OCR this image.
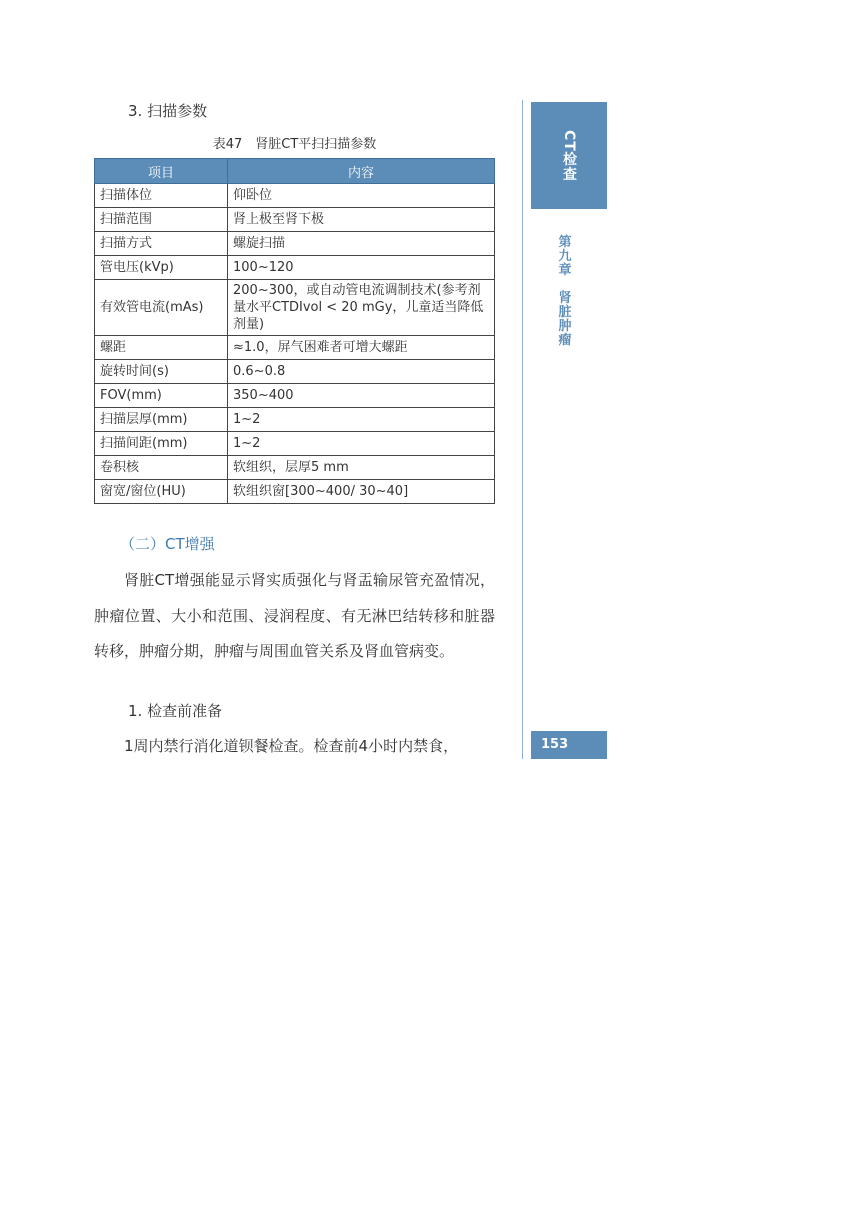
3. 扫描参数
表47　肾脏CT平扫扫描参数
项目	内容
扫描体位	仰卧位
扫描范围	肾上极至肾下极
扫描方式	螺旋扫描
管电压(kVp)	100~120
有效管电流(mAs)	200~300，或自动管电流调制技术(参考剂量水平CTDIvol < 20 mGy，儿童适当降低剂量)
螺距	≈1.0，屏气困难者可增大螺距
旋转时间(s)	0.6~0.8
FOV(mm)	350~400
扫描层厚(mm)	1~2
扫描间距(mm)	1~2
卷积核	软组织，层厚5 mm
窗宽/窗位(HU)	软组织窗[300~400/ 30~40]
（二）CT增强
肾脏CT增强能显示肾实质强化与肾盂输尿管充盈情况，肿瘤位置、大小和范围、浸润程度、有无淋巴结转移和脏器转移，肿瘤分期，肿瘤与周围血管关系及肾血管病变。
1. 检查前准备
1周内禁行消化道钡餐检查。检查前4小时内禁食，
CT检查
第九章
肾脏肿瘤
153
